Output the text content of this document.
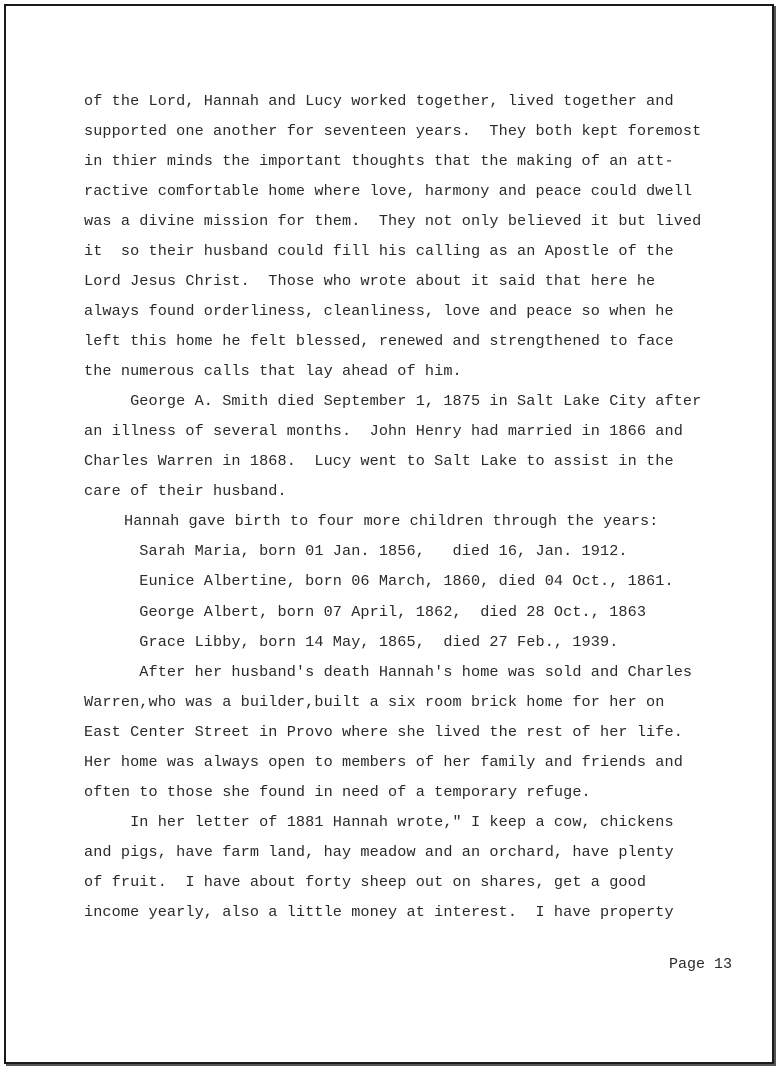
of the Lord, Hannah and Lucy worked together, lived together and
supported one another for seventeen years.  They both kept foremost
in thier minds the important thoughts that the making of an att-
ractive comfortable home where love, harmony and peace could dwell
was a divine mission for them.  They not only believed it but lived
it  so their husband could fill his calling as an Apostle of the
Lord Jesus Christ.  Those who wrote about it said that here he
always found orderliness, cleanliness, love and peace so when he
left this home he felt blessed, renewed and strengthened to face
the numerous calls that lay ahead of him.
George A. Smith died September 1, 1875 in Salt Lake City after
an illness of several months.  John Henry had married in 1866 and
Charles Warren in 1868.  Lucy went to Salt Lake to assist in the
care of their husband.
Hannah gave birth to four more children through the years:
Sarah Maria, born 01 Jan. 1856,   died 16, Jan. 1912.
Eunice Albertine, born 06 March, 1860, died 04 Oct., 1861.
George Albert, born 07 April, 1862,  died 28 Oct., 1863
Grace Libby, born 14 May, 1865,  died 27 Feb., 1939.
After her husband's death Hannah's home was sold and Charles
Warren,who was a builder,built a six room brick home for her on
East Center Street in Provo where she lived the rest of her life.
Her home was always open to members of her family and friends and
often to those she found in need of a temporary refuge.
In her letter of 1881 Hannah wrote," I keep a cow, chickens
and pigs, have farm land, hay meadow and an orchard, have plenty
of fruit.  I have about forty sheep out on shares, get a good
income yearly, also a little money at interest.  I have property
Page 13
